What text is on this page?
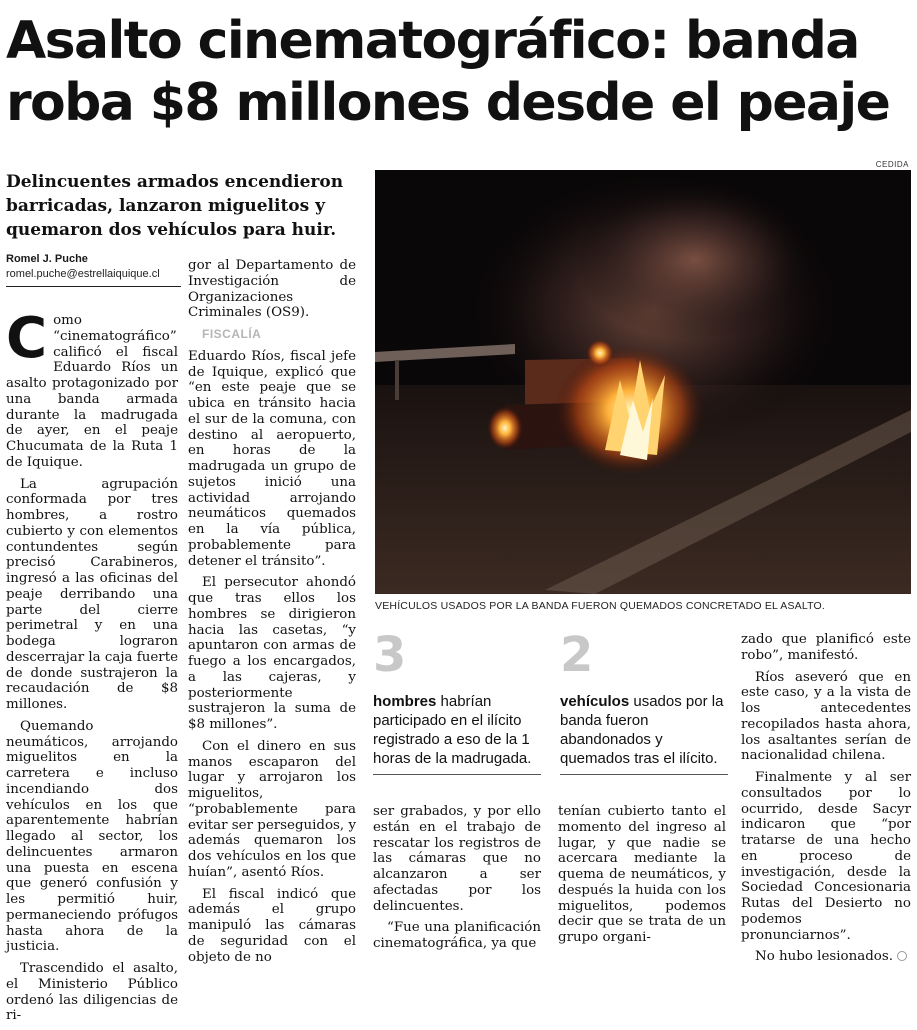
Asalto cinematográfico: banda roba $8 millones desde el peaje
CEDIDA
Delincuentes armados encendieron barricadas, lanzaron miguelitos y quemaron dos vehículos para huir.
Romel J. Puche
romel.puche@estrellaiquique.cl

Como “cinematográfico” calificó el fiscal Eduardo Ríos un asalto protagonizado por una banda armada durante la madrugada de ayer, en el peaje Chucumata de la Ruta 1 de Iquique.

La agrupación conformada por tres hombres, a rostro cubierto y con elementos contundentes según precisó Carabineros, ingresó a las oficinas del peaje derribando una parte del cierre perimetral y en una bodega lograron descerrajar la caja fuerte de donde sustrajeron la recaudación de $8 millones.

Quemando neumáticos, arrojando miguelitos en la carretera e incluso incendiando dos vehículos en los que aparentemente habrían llegado al sector, los delincuentes armaron una puesta en escena que generó confusión y les permitió huir, permaneciendo prófugos hasta ahora de la justicia.

Trascendido el asalto, el Ministerio Público ordenó las diligencias de ri-

gor al Departamento de Investigación de Organizaciones Criminales (OS9).

FISCALÍA

Eduardo Ríos, fiscal jefe de Iquique, explicó que “en este peaje que se ubica en tránsito hacia el sur de la comuna, con destino al aeropuerto, en horas de la madrugada un grupo de sujetos inició una actividad arrojando neumáticos quemados en la vía pública, probablemente para detener el tránsito”.

El persecutor ahondó que tras ellos los hombres se dirigieron hacia las casetas, “y apuntaron con armas de fuego a los encargados, a las cajeras, y posteriormente sustrajeron la suma de $8 millones”.

Con el dinero en sus manos escaparon del lugar y arrojaron los miguelitos, “probablemente para evitar ser perseguidos, y además quemaron los dos vehículos en los que huían”, asentó Ríos.

El fiscal indicó que además el grupo manipuló las cámaras de seguridad con el objeto de no

VEHÍCULOS USADOS POR LA BANDA FUERON QUEMADOS CONCRETADO EL ASALTO.
3
hombres habrían participado en el ilícito registrado a eso de la 1 horas de la madrugada.
2
vehículos usados por la banda fueron abandonados y quemados tras el ilícito.

ser grabados, y por ello están en el trabajo de rescatar los registros de las cámaras que no alcanzaron a ser afectadas por los delincuentes.

“Fue una planificación cinematográfica, ya que

tenían cubierto tanto el momento del ingreso al lugar, y que nadie se acercara mediante la quema de neumáticos, y después la huida con los miguelitos, podemos decir que se trata de un grupo organi-

zado que planificó este robo”, manifestó.

Ríos aseveró que en este caso, y a la vista de los antecedentes recopilados hasta ahora, los asaltantes serían de nacionalidad chilena.

Finalmente y al ser consultados por lo ocurrido, desde Sacyr indicaron que “por tratarse de una hecho en proceso de investigación, desde la Sociedad Concesionaria Rutas del Desierto no podemos pronunciarnos”.

No hubo lesionados.
